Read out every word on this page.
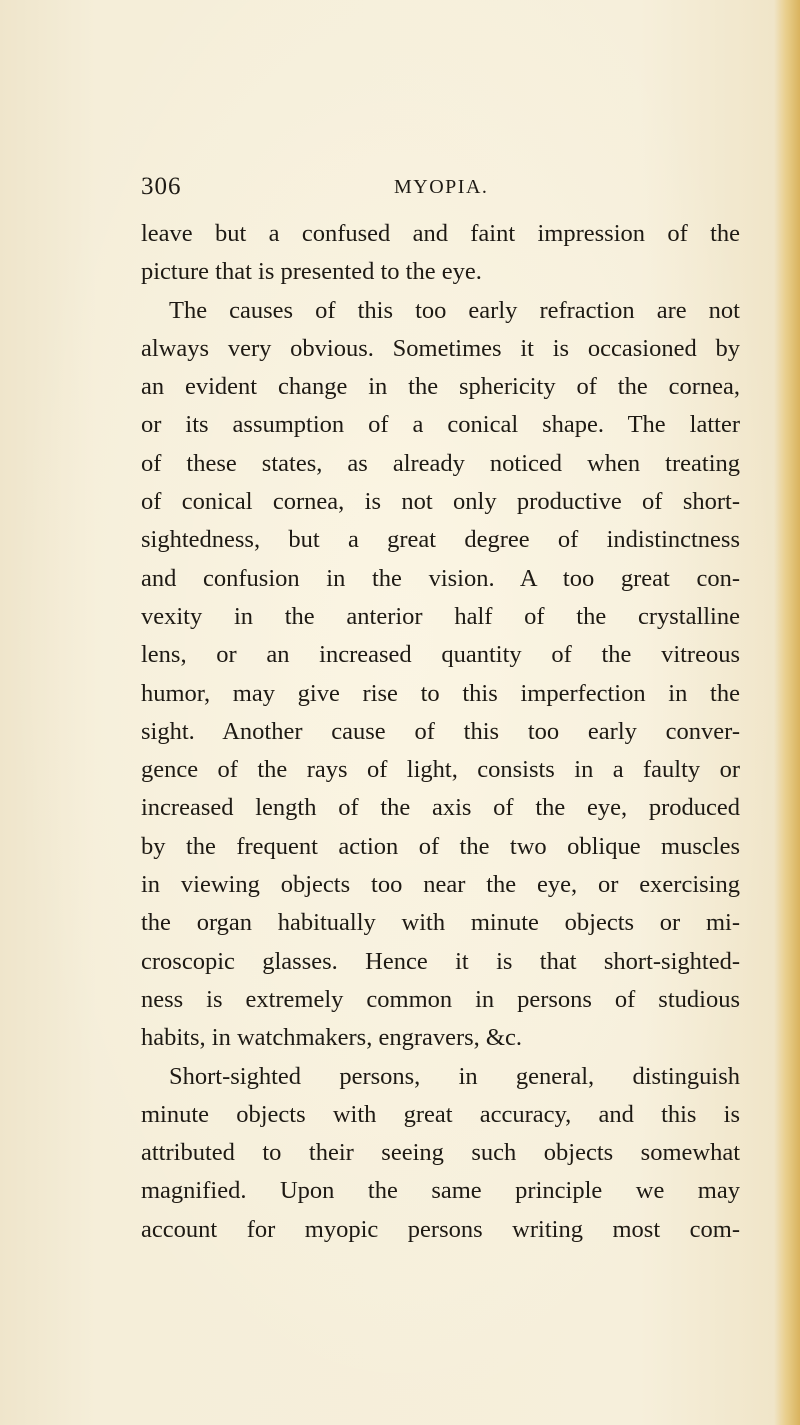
306	MYOPIA.
leave but a confused and faint impression of the
picture that is presented to the eye.
The causes of this too early refraction are not
always very obvious. Sometimes it is occasioned by
an evident change in the sphericity of the cornea,
or its assumption of a conical shape. The latter
of these states, as already noticed when treating
of conical cornea, is not only productive of short-
sightedness, but a great degree of indistinctness
and confusion in the vision. A too great con-
vexity in the anterior half of the crystalline
lens, or an increased quantity of the vitreous
humor, may give rise to this imperfection in the
sight. Another cause of this too early conver-
gence of the rays of light, consists in a faulty or
increased length of the axis of the eye, produced
by the frequent action of the two oblique muscles
in viewing objects too near the eye, or exercising
the organ habitually with minute objects or mi-
croscopic glasses. Hence it is that short-sighted-
ness is extremely common in persons of studious
habits, in watchmakers, engravers, &c.
Short-sighted persons, in general, distinguish
minute objects with great accuracy, and this is
attributed to their seeing such objects somewhat
magnified. Upon the same principle we may
account for myopic persons writing most com-
